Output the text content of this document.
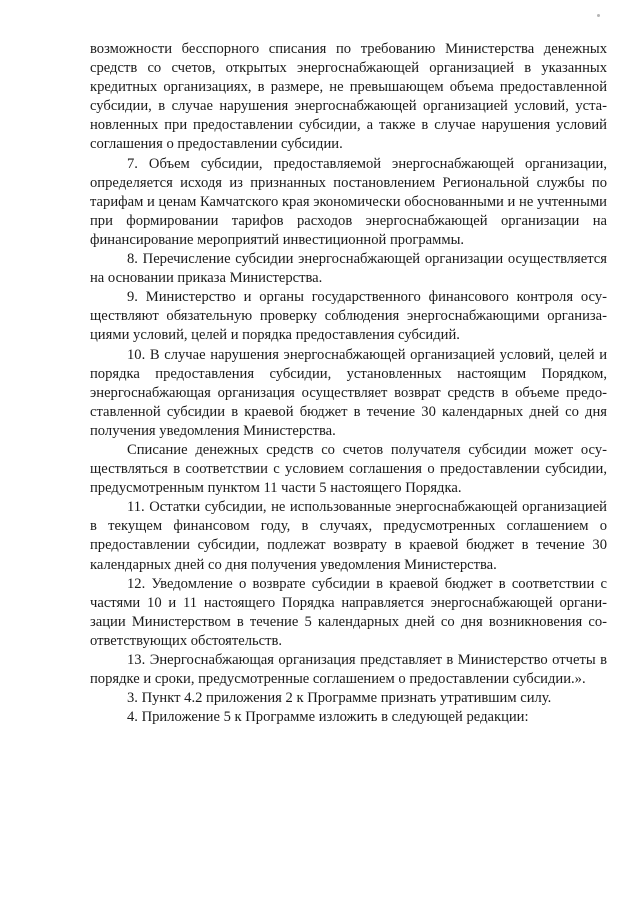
возможности бесспорного списания по требованию Министерства денежных средств со счетов, открытых энергоснабжающей организацией в указанных кредитных организациях, в размере, не превышающем объема предоставленной субсидии, в случае нарушения энергоснабжающей организацией условий, установленных при предоставлении субсидии, а также в случае нарушения условий соглашения о предоставлении субсидии.

7. Объем субсидии, предоставляемой энергоснабжающей организации, определяется исходя из признанных постановлением Региональной службы по тарифам и ценам Камчатского края экономически обоснованными и не учтенными при формировании тарифов расходов энергоснабжающей организации на финансирование мероприятий инвестиционной программы.

8. Перечисление субсидии энергоснабжающей организации осуществляется на основании приказа Министерства.

9. Министерство и органы государственного финансового контроля осуществляют обязательную проверку соблюдения энергоснабжающими организациями условий, целей и порядка предоставления субсидий.

10. В случае нарушения энергоснабжающей организацией условий, целей и порядка предоставления субсидии, установленных настоящим Порядком, энергоснабжающая организация осуществляет возврат средств в объеме предоставленной субсидии в краевой бюджет в течение 30 календарных дней со дня получения уведомления Министерства.

Списание денежных средств со счетов получателя субсидии может осуществляться в соответствии с условием соглашения о предоставлении субсидии, предусмотренным пунктом 11 части 5 настоящего Порядка.

11. Остатки субсидии, не использованные энергоснабжающей организацией в текущем финансовом году, в случаях, предусмотренных соглашением о предоставлении субсидии, подлежат возврату в краевой бюджет в течение 30 календарных дней со дня получения уведомления Министерства.

12. Уведомление о возврате субсидии в краевой бюджет в соответствии с частями 10 и 11 настоящего Порядка направляется энергоснабжающей организации Министерством в течение 5 календарных дней со дня возникновения соответствующих обстоятельств.

13. Энергоснабжающая организация представляет в Министерство отчеты в порядке и сроки, предусмотренные соглашением о предоставлении субсидии.».

3. Пункт 4.2 приложения 2 к Программе признать утратившим силу.

4. Приложение 5 к Программе изложить в следующей редакции:
